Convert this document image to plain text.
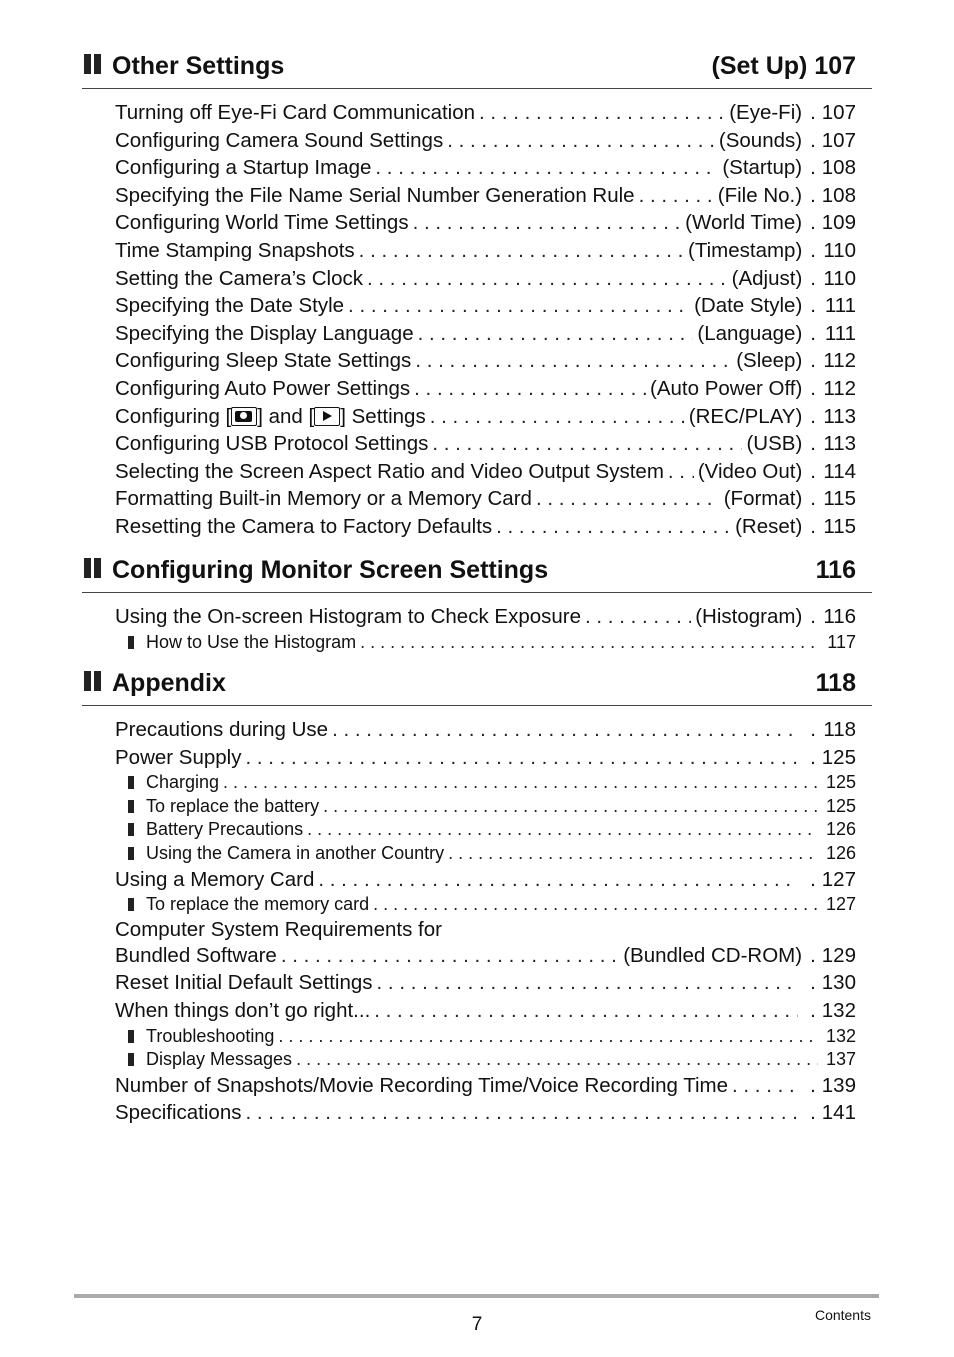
Other Settings	(Set Up) 107
Turning off Eye-Fi Card Communication . . .	(Eye-Fi) . 107
Configuring Camera Sound Settings . . .	(Sounds) . 107
Configuring a Startup Image . . .	(Startup) . 108
Specifying the File Name Serial Number Generation Rule . . .	(File No.) . 108
Configuring World Time Settings . . .	(World Time) . 109
Time Stamping Snapshots . . .	(Timestamp) . 110
Setting the Camera’s Clock . . .	(Adjust) . 110
Specifying the Date Style . . .	(Date Style) . 111
Specifying the Display Language . . .	(Language) . 111
Configuring Sleep State Settings . . .	(Sleep) . 112
Configuring Auto Power Settings . . .	(Auto Power Off) . 112
Configuring [ ] and [ ] Settings . . .	(REC/PLAY) . 113
Configuring USB Protocol Settings . . .	(USB) . 113
Selecting the Screen Aspect Ratio and Video Output System . . . (Video Out) . 114
Formatting Built-in Memory or a Memory Card . . .	(Format) . 115
Resetting the Camera to Factory Defaults . . .	(Reset) . 115
Configuring Monitor Screen Settings	116
Using the On-screen Histogram to Check Exposure . . .	(Histogram) . 116
How to Use the Histogram . . .	117
Appendix	118
Precautions during Use . . .	. 118
Power Supply . . .	. 125
Charging . . .	125
To replace the battery . . .	125
Battery Precautions . . .	126
Using the Camera in another Country . . .	126
Using a Memory Card . . .	. 127
To replace the memory card . . .	127
Computer System Requirements for
Bundled Software . . .	(Bundled CD-ROM) . 129
Reset Initial Default Settings . . .	. 130
When things don’t go right... . . .	. 132
Troubleshooting . . .	132
Display Messages . . .	137
Number of Snapshots/Movie Recording Time/Voice Recording Time . . .	. 139
Specifications . . .	. 141
7	Contents
